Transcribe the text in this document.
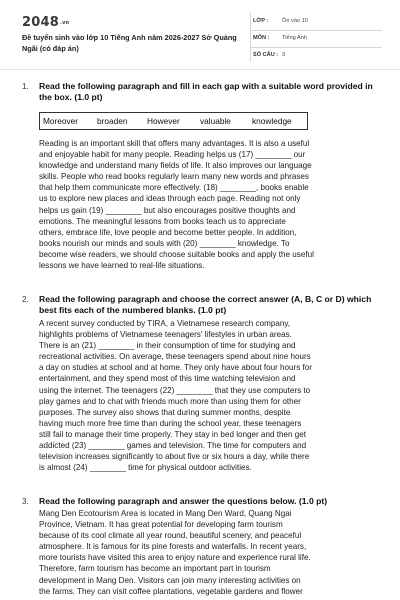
2048.vn
Đề tuyển sinh vào lớp 10 Tiếng Anh năm 2026-2027 Sở Quảng Ngãi (có đáp án)
LỚP : Ôn vào 10
MÔN : Tiếng Anh
SỐ CÂU : 3
1. Read the following paragraph and fill in each gap with a suitable word provided in the box. (1.0 pt)
Moreover broaden However valuable	knowledge
Reading is an important skill that offers many advantages. It is also a useful
and enjoyable habit for many people. Reading helps us (17) ________ our
knowledge and understand many fields of life. It also improves our language
skills. People who read books regularly learn many new words and phrases
that help them communicate more effectively. (18) ________, books enable
us to explore new places and ideas through each page. Reading not only
helps us gain (19) ________ but also encourages positive thoughts and
emotions. The meaningful lessons from books teach us to appreciate
others, embrace life, love people and become better people. In addition,
books nourish our minds and souls with (20) ________ knowledge. To
become wise readers, we should choose suitable books and apply the useful
lessons we have learned to real-life situations.
2. Read the following paragraph and choose the correct answer (A, B, C or D) which best fits each of the numbered blanks. (1.0 pt)
A recent survey conducted by TIRA, a Vietnamese research company,
highlights problems of Vietnamese teenagers' lifestyles in urban areas.
There is an (21) ________ in their consumption of time for studying and
recreational activities. On average, these teenagers spend about nine hours
a day on studies at school and at home. They only have about four hours for
entertainment, and they spend most of this time watching television and
using the internet. The teenagers (22) ________ that they use computers to
play games and to chat with friends much more than using them for other
purposes. The survey also shows that during summer months, despite
having much more free time than during the school year, these teenagers
still fail to manage their time properly. They stay in bed longer and then get
addicted (23) ________ games and television. The time for computers and
television increases significantly to about five or six hours a day, while there
is almost (24) ________ time for physical outdoor activities.
3. Read the following paragraph and answer the questions below. (1.0 pt)
Mang Den Ecotourism Area is located in Mang Den Ward, Quang Ngai
Province, Vietnam. It has great potential for developing farm tourism
because of its cool climate all year round, beautiful scenery, and peaceful
atmosphere. It is famous for its pine forests and waterfalls. In recent years,
more tourists have visited this area to enjoy nature and experience rural life.
Therefore, farm tourism has become an important part in tourism
development in Mang Den. Visitors can join many interesting activities on
the farms. They can visit coffee plantations, vegetable gardens and flower
